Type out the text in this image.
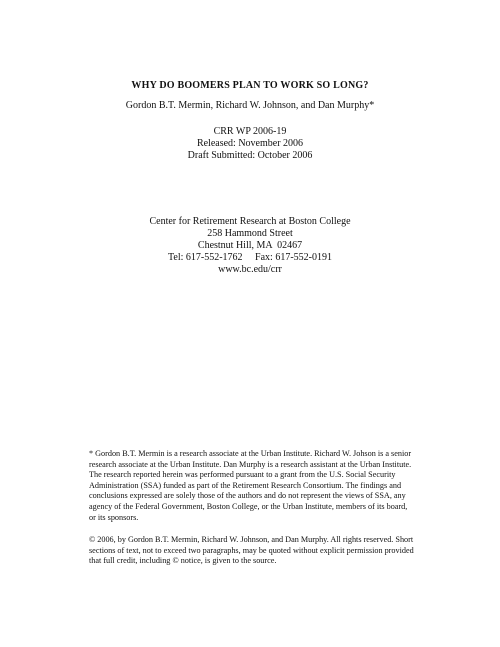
WHY DO BOOMERS PLAN TO WORK SO LONG?
Gordon B.T. Mermin, Richard W. Johnson, and Dan Murphy*
CRR WP 2006-19
Released: November 2006
Draft Submitted: October 2006
Center for Retirement Research at Boston College
258 Hammond Street
Chestnut Hill, MA  02467
Tel: 617-552-1762     Fax: 617-552-0191
www.bc.edu/crr
* Gordon B.T. Mermin is a research associate at the Urban Institute. Richard W. Johson is a senior research associate at the Urban Institute. Dan Murphy is a research assistant at the Urban Institute. The research reported herein was performed pursuant to a grant from the U.S. Social Security Administration (SSA) funded as part of the Retirement Research Consortium. The findings and conclusions expressed are solely those of the authors and do not represent the views of SSA, any agency of the Federal Government, Boston College, or the Urban Institute, members of its board, or its sponsors.
© 2006, by Gordon B.T. Mermin, Richard W. Johnson, and Dan Murphy. All rights reserved. Short sections of text, not to exceed two paragraphs, may be quoted without explicit permission provided that full credit, including © notice, is given to the source.
